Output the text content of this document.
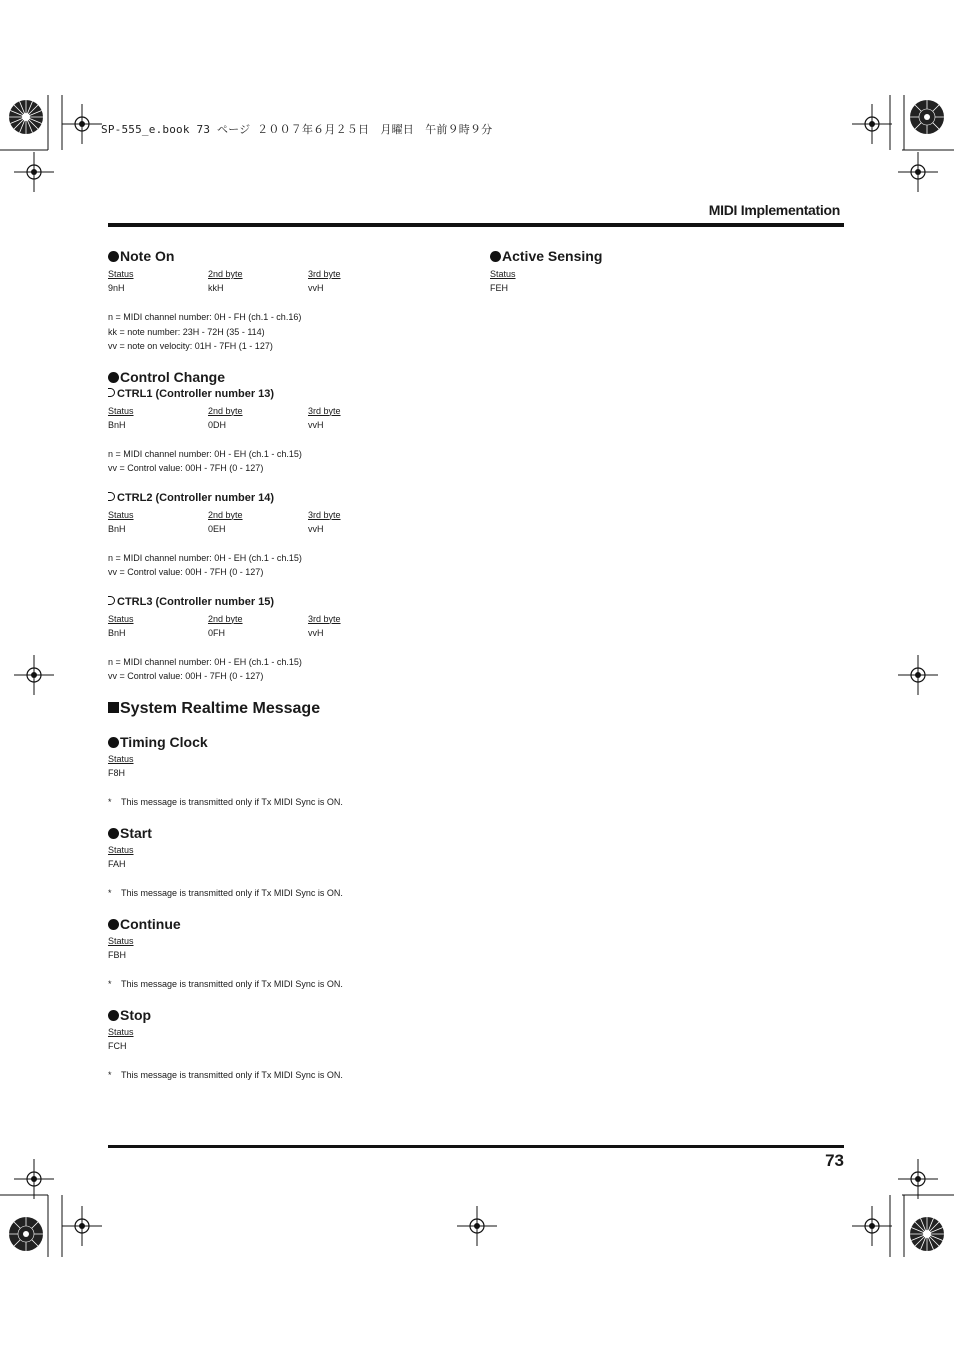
SP-555_e.book 73 ページ ２００７年６月２５日　月曜日　午前９時９分
MIDI Implementation
73

Note On

Status	2nd byte	3rd byte
9nH	kkH	vvH
n = MIDI channel number: 0H - FH (ch.1 - ch.16)
kk = note number: 23H - 72H (35 - 114)
vv = note on velocity: 01H - 7FH (1 - 127)

Control Change

CTRL1 (Controller number 13)

Status	2nd byte	3rd byte
BnH	0DH	vvH
n = MIDI channel number: 0H - EH (ch.1 - ch.15)
vv = Control value: 00H - 7FH (0 - 127)

CTRL2 (Controller number 14)

Status	2nd byte	3rd byte
BnH	0EH	vvH
n = MIDI channel number: 0H - EH (ch.1 - ch.15)
vv = Control value: 00H - 7FH (0 - 127)

CTRL3 (Controller number 15)

Status	2nd byte	3rd byte
BnH	0FH	vvH
n = MIDI channel number: 0H - EH (ch.1 - ch.15)
vv = Control value: 00H - 7FH (0 - 127)

System Realtime Message

Timing Clock

Status
F8H
* This message is transmitted only if Tx MIDI Sync is ON.

Start

Status
FAH
* This message is transmitted only if Tx MIDI Sync is ON.

Continue

Status
FBH
* This message is transmitted only if Tx MIDI Sync is ON.

Stop

Status
FCH
* This message is transmitted only if Tx MIDI Sync is ON.

Active Sensing

Status
FEH
